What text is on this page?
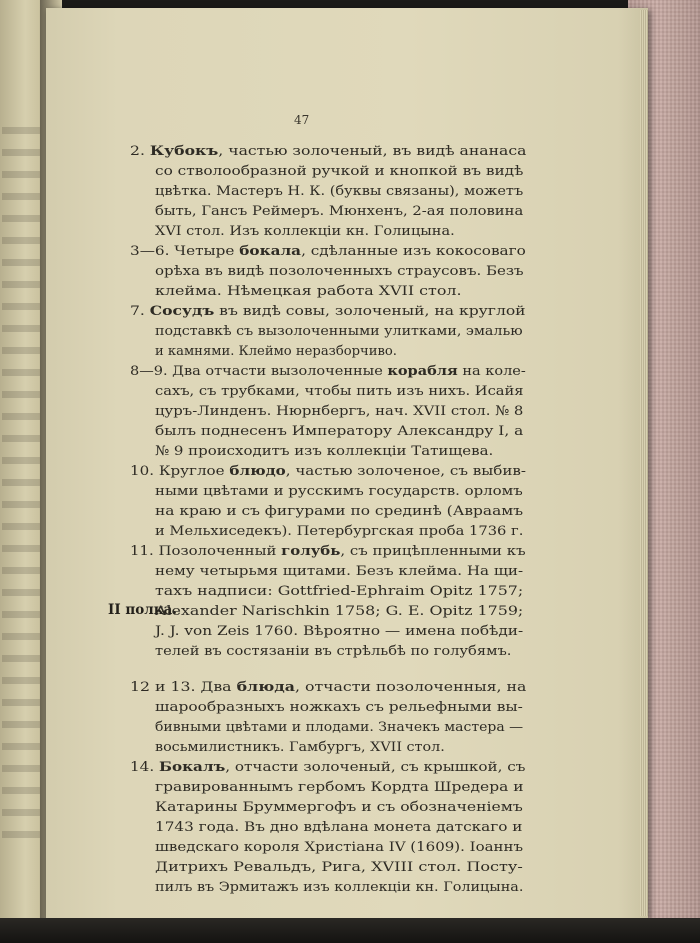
47
II полка.
2. Кубокъ, частью золоченый, въ видѣ ананаса
со стволообразной ручкой и кнопкой въ видѣ
цвѣтка. Мастеръ Н. К. (буквы связаны), можетъ
быть, Гансъ Реймеръ. Мюнхенъ, 2-ая половина
XVI стол. Изъ коллекціи кн. Голицына.
3—6. Четыре бокала, сдѣланные изъ кокосоваго
орѣха въ видѣ позолоченныхъ страусовъ. Безъ
клейма. Нѣмецкая работа XVII стол.
7. Сосудъ въ видѣ совы, золоченый, на круглой
подставкѣ съ вызолоченными улитками, эмалью
и камнями. Клеймо неразборчиво.
8—9. Два отчасти вызолоченные корабля на коле-
сахъ, съ трубками, чтобы пить изъ нихъ. Исайя
цуръ-Линденъ. Нюрнбергъ, нач. XVII стол. № 8
былъ поднесенъ Императору Александру I, а
№ 9 происходитъ изъ коллекціи Татищева.
10. Круглое блюдо, частью золоченое, съ выбив-
ными цвѣтами и русскимъ государств. орломъ
на краю и съ фигурами по срединѣ (Авраамъ
и Мельхиседекъ). Петербургская проба 1736 г.
11. Позолоченный голубь, съ прицѣпленными къ
нему четырьмя щитами. Безъ клейма. На щи-
тахъ надписи: Gottfried-Ephraim Opitz 1757;
Alexander Narischkin 1758; G. E. Opitz 1759;
J. J. von Zeis 1760. Вѣроятно — имена побѣди-
телей въ состязаніи въ стрѣльбѣ по голубямъ.
12 и 13. Два блюда, отчасти позолоченныя, на
шарообразныхъ ножкахъ съ рельефными вы-
бивными цвѣтами и плодами. Значекъ мастера —
восьмилистникъ. Гамбургъ, XVII стол.
14. Бокалъ, отчасти золоченый, съ крышкой, съ
гравированнымъ гербомъ Кордта Шредера и
Катарины Бруммергофъ и съ обозначеніемъ
1743 года. Въ дно вдѣлана монета датскаго и
шведскаго короля Христіана IV (1609). Іоаннъ
Дитрихъ Ревальдъ, Рига, XVIII стол. Посту-
пилъ въ Эрмитажъ изъ коллекціи кн. Голицына.
